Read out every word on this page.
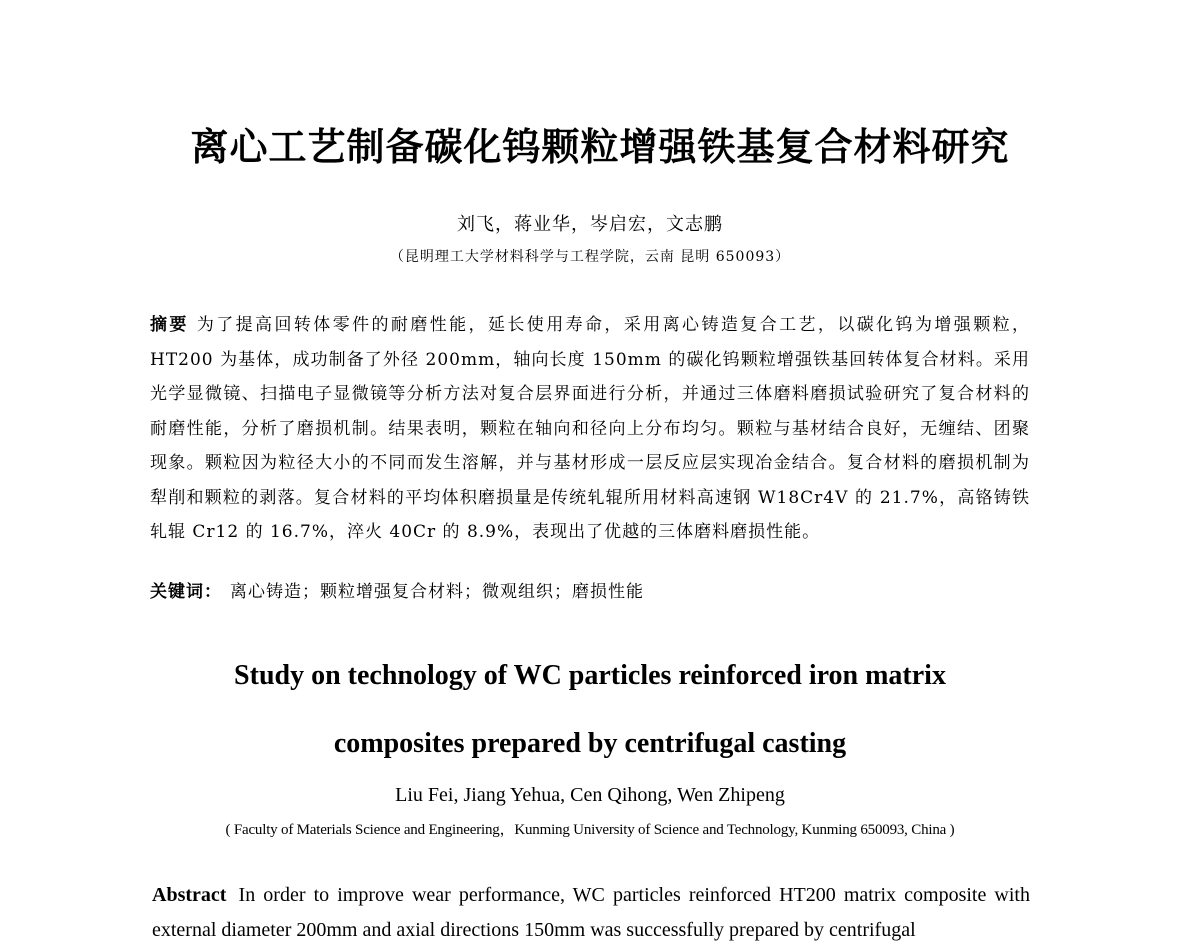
离心工艺制备碳化钨颗粒增强铁基复合材料研究
刘飞，蒋业华，岑启宏，文志鹏
（昆明理工大学材料科学与工程学院，云南 昆明 650093）

摘要 为了提高回转体零件的耐磨性能，延长使用寿命，采用离心铸造复合工艺，以碳化钨为增强颗粒，HT200 为基体，成功制备了外径 200mm，轴向长度 150mm 的碳化钨颗粒增强铁基回转体复合材料。采用光学显微镜、扫描电子显微镜等分析方法对复合层界面进行分析，并通过三体磨料磨损试验研究了复合材料的耐磨性能，分析了磨损机制。结果表明，颗粒在轴向和径向上分布均匀。颗粒与基材结合良好，无缠结、团聚现象。颗粒因为粒径大小的不同而发生溶解，并与基材形成一层反应层实现冶金结合。复合材料的磨损机制为犁削和颗粒的剥落。复合材料的平均体积磨损量是传统轧辊所用材料高速钢 W18Cr4V 的 21.7%，高铬铸铁轧辊 Cr12 的 16.7%，淬火 40Cr 的 8.9%，表现出了优越的三体磨料磨损性能。

关键词： 离心铸造；颗粒增强复合材料；微观组织；磨损性能

Study on technology of WC particles reinforced iron matrix
composites prepared by centrifugal casting
Liu Fei, Jiang Yehua, Cen Qihong, Wen Zhipeng
( Faculty of Materials Science and Engineering，Kunming University of Science and Technology, Kunming 650093, China )

Abstract In order to improve wear performance, WC particles reinforced HT200 matrix composite with external diameter 200mm and axial directions 150mm was successfully prepared by centrifugal
